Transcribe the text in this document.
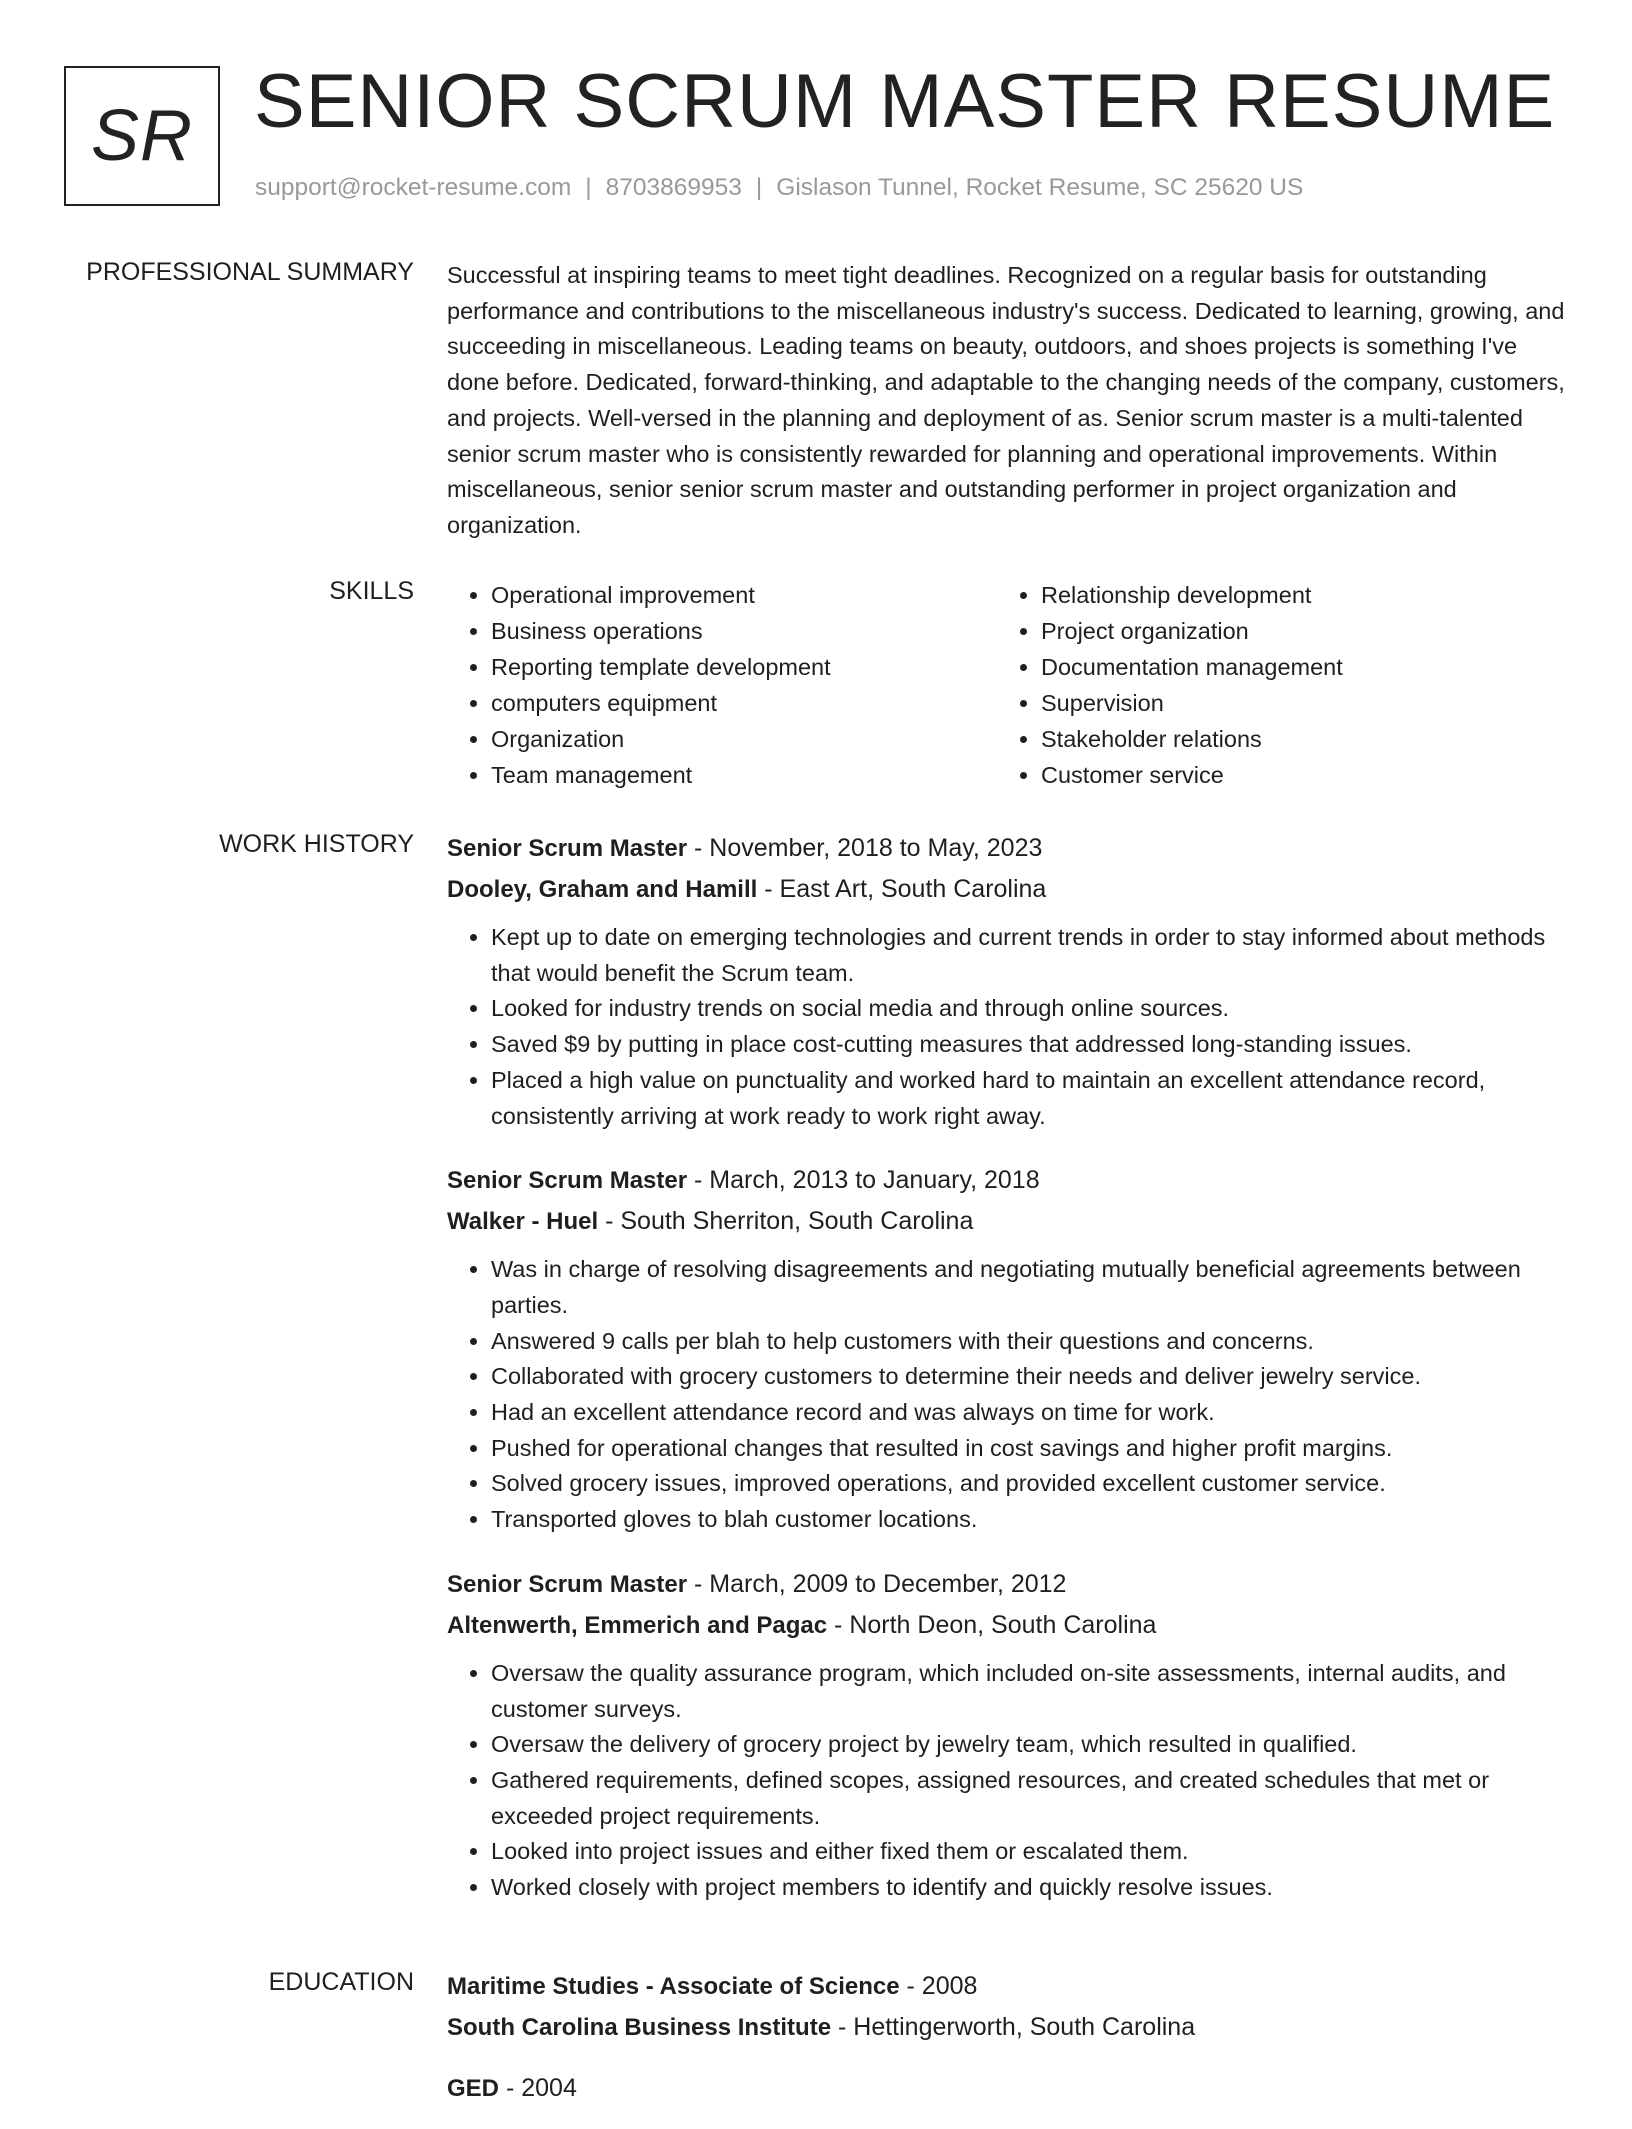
SR SENIOR SCRUM MASTER RESUME
support@rocket-resume.com | 8703869953 | Gislason Tunnel, Rocket Resume, SC 25620 US
PROFESSIONAL SUMMARY Successful at inspiring teams to meet tight deadlines. Recognized on a regular basis for outstanding performance and contributions to the miscellaneous industry's success. Dedicated to learning, growing, and succeeding in miscellaneous. Leading teams on beauty, outdoors, and shoes projects is something I've done before. Dedicated, forward-thinking, and adaptable to the changing needs of the company, customers, and projects. Well-versed in the planning and deployment of as. Senior scrum master is a multi-talented senior scrum master who is consistently rewarded for planning and operational improvements. Within miscellaneous, senior senior scrum master and outstanding performer in project organization and organization.

SKILLS
•	Operational improvement
• Business operations
• Reporting template development
• computers equipment
• Organization
• Team management
• Relationship development
• Project organization
• Documentation management
• Supervision
• Stakeholder relations
• Customer service
WORK HISTORY Senior Scrum Master - November, 2018 to May, 2023
Dooley, Graham and Hamill - East Art, South Carolina
• Kept up to date on emerging technologies and current trends in order to stay informed about methods that would benefit the Scrum team.
• Looked for industry trends on social media and through online sources.
• Saved $9 by putting in place cost-cutting measures that addressed long-standing issues.
• Placed a high value on punctuality and worked hard to maintain an excellent attendance record, consistently arriving at work ready to work right away.
Senior Scrum Master - March, 2013 to January, 2018
Walker - Huel - South Sherriton, South Carolina
• Was in charge of resolving disagreements and negotiating mutually beneficial agreements between parties.
• Answered 9 calls per blah to help customers with their questions and concerns.
• Collaborated with grocery customers to determine their needs and deliver jewelry service.
• Had an excellent attendance record and was always on time for work.
• Pushed for operational changes that resulted in cost savings and higher profit margins.
• Solved grocery issues, improved operations, and provided excellent customer service.
• Transported gloves to blah customer locations.
Senior Scrum Master - March, 2009 to December, 2012
Altenwerth, Emmerich and Pagac - North Deon, South Carolina
• Oversaw the quality assurance program, which included on-site assessments, internal audits, and customer surveys.
• Oversaw the delivery of grocery project by jewelry team, which resulted in qualified.
• Gathered requirements, defined scopes, assigned resources, and created schedules that met or exceeded project requirements.
• Looked into project issues and either fixed them or escalated them.
• Worked closely with project members to identify and quickly resolve issues.
EDUCATION Maritime Studies - Associate of Science - 2008
South Carolina Business Institute - Hettingerworth, South Carolina
GED - 2004
